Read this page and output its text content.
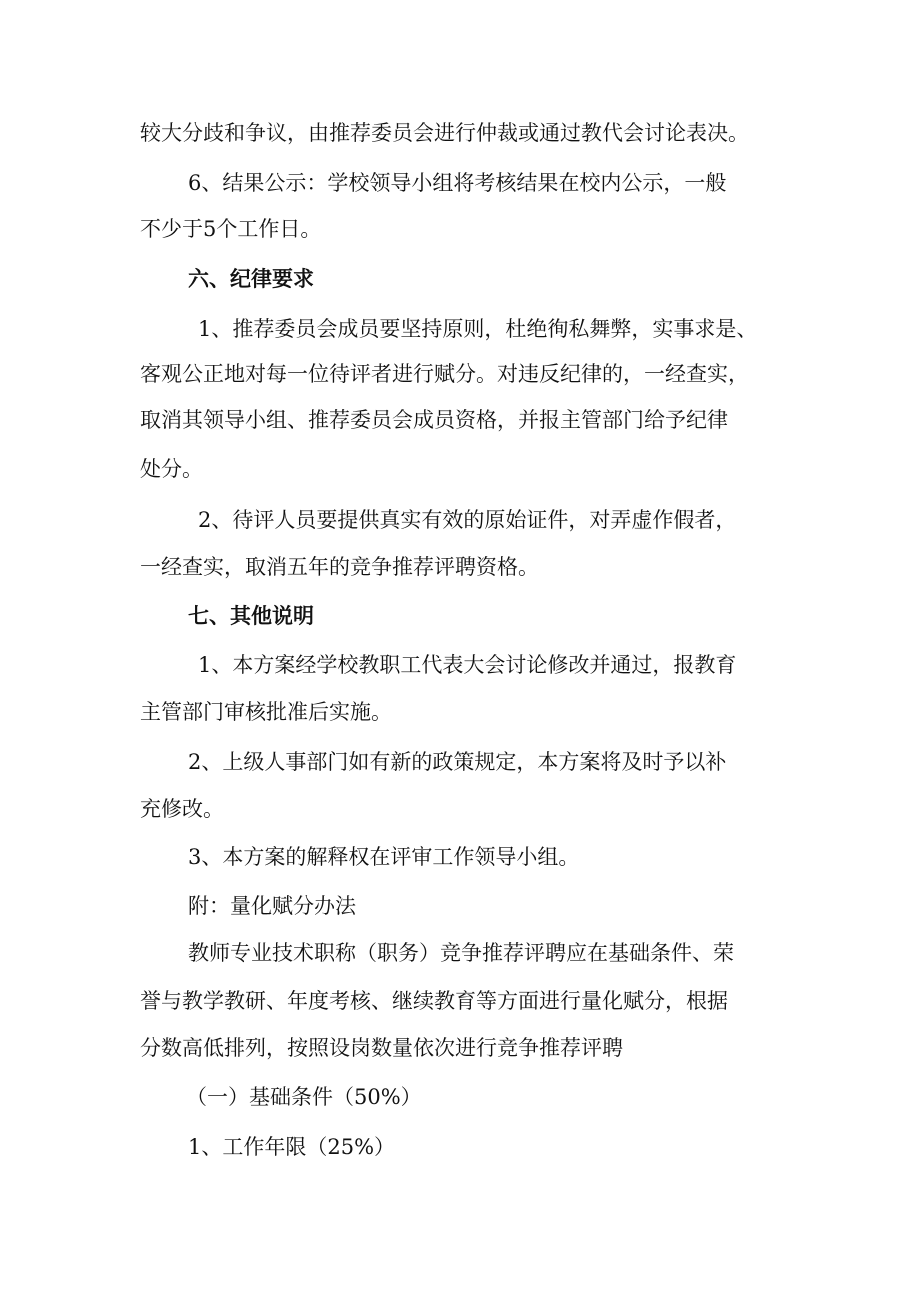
较大分歧和争议，由推荐委员会进行仲裁或通过教代会讨论表决。

6、结果公示：学校领导小组将考核结果在校内公示，一般

不少于5个工作日。

六、纪律要求

1、推荐委员会成员要坚持原则，杜绝徇私舞弊，实事求是、

客观公正地对每一位待评者进行赋分。对违反纪律的，一经查实，

取消其领导小组、推荐委员会成员资格，并报主管部门给予纪律

处分。

2、待评人员要提供真实有效的原始证件，对弄虚作假者，

一经查实，取消五年的竞争推荐评聘资格。

七、其他说明

1、本方案经学校教职工代表大会讨论修改并通过，报教育

主管部门审核批准后实施。

2、上级人事部门如有新的政策规定，本方案将及时予以补

充修改。

3、本方案的解释权在评审工作领导小组。

附：量化赋分办法

教师专业技术职称（职务）竞争推荐评聘应在基础条件、荣

誉与教学教研、年度考核、继续教育等方面进行量化赋分，根据

分数高低排列，按照设岗数量依次进行竞争推荐评聘

（一）基础条件（50%）

1、工作年限（25%）
